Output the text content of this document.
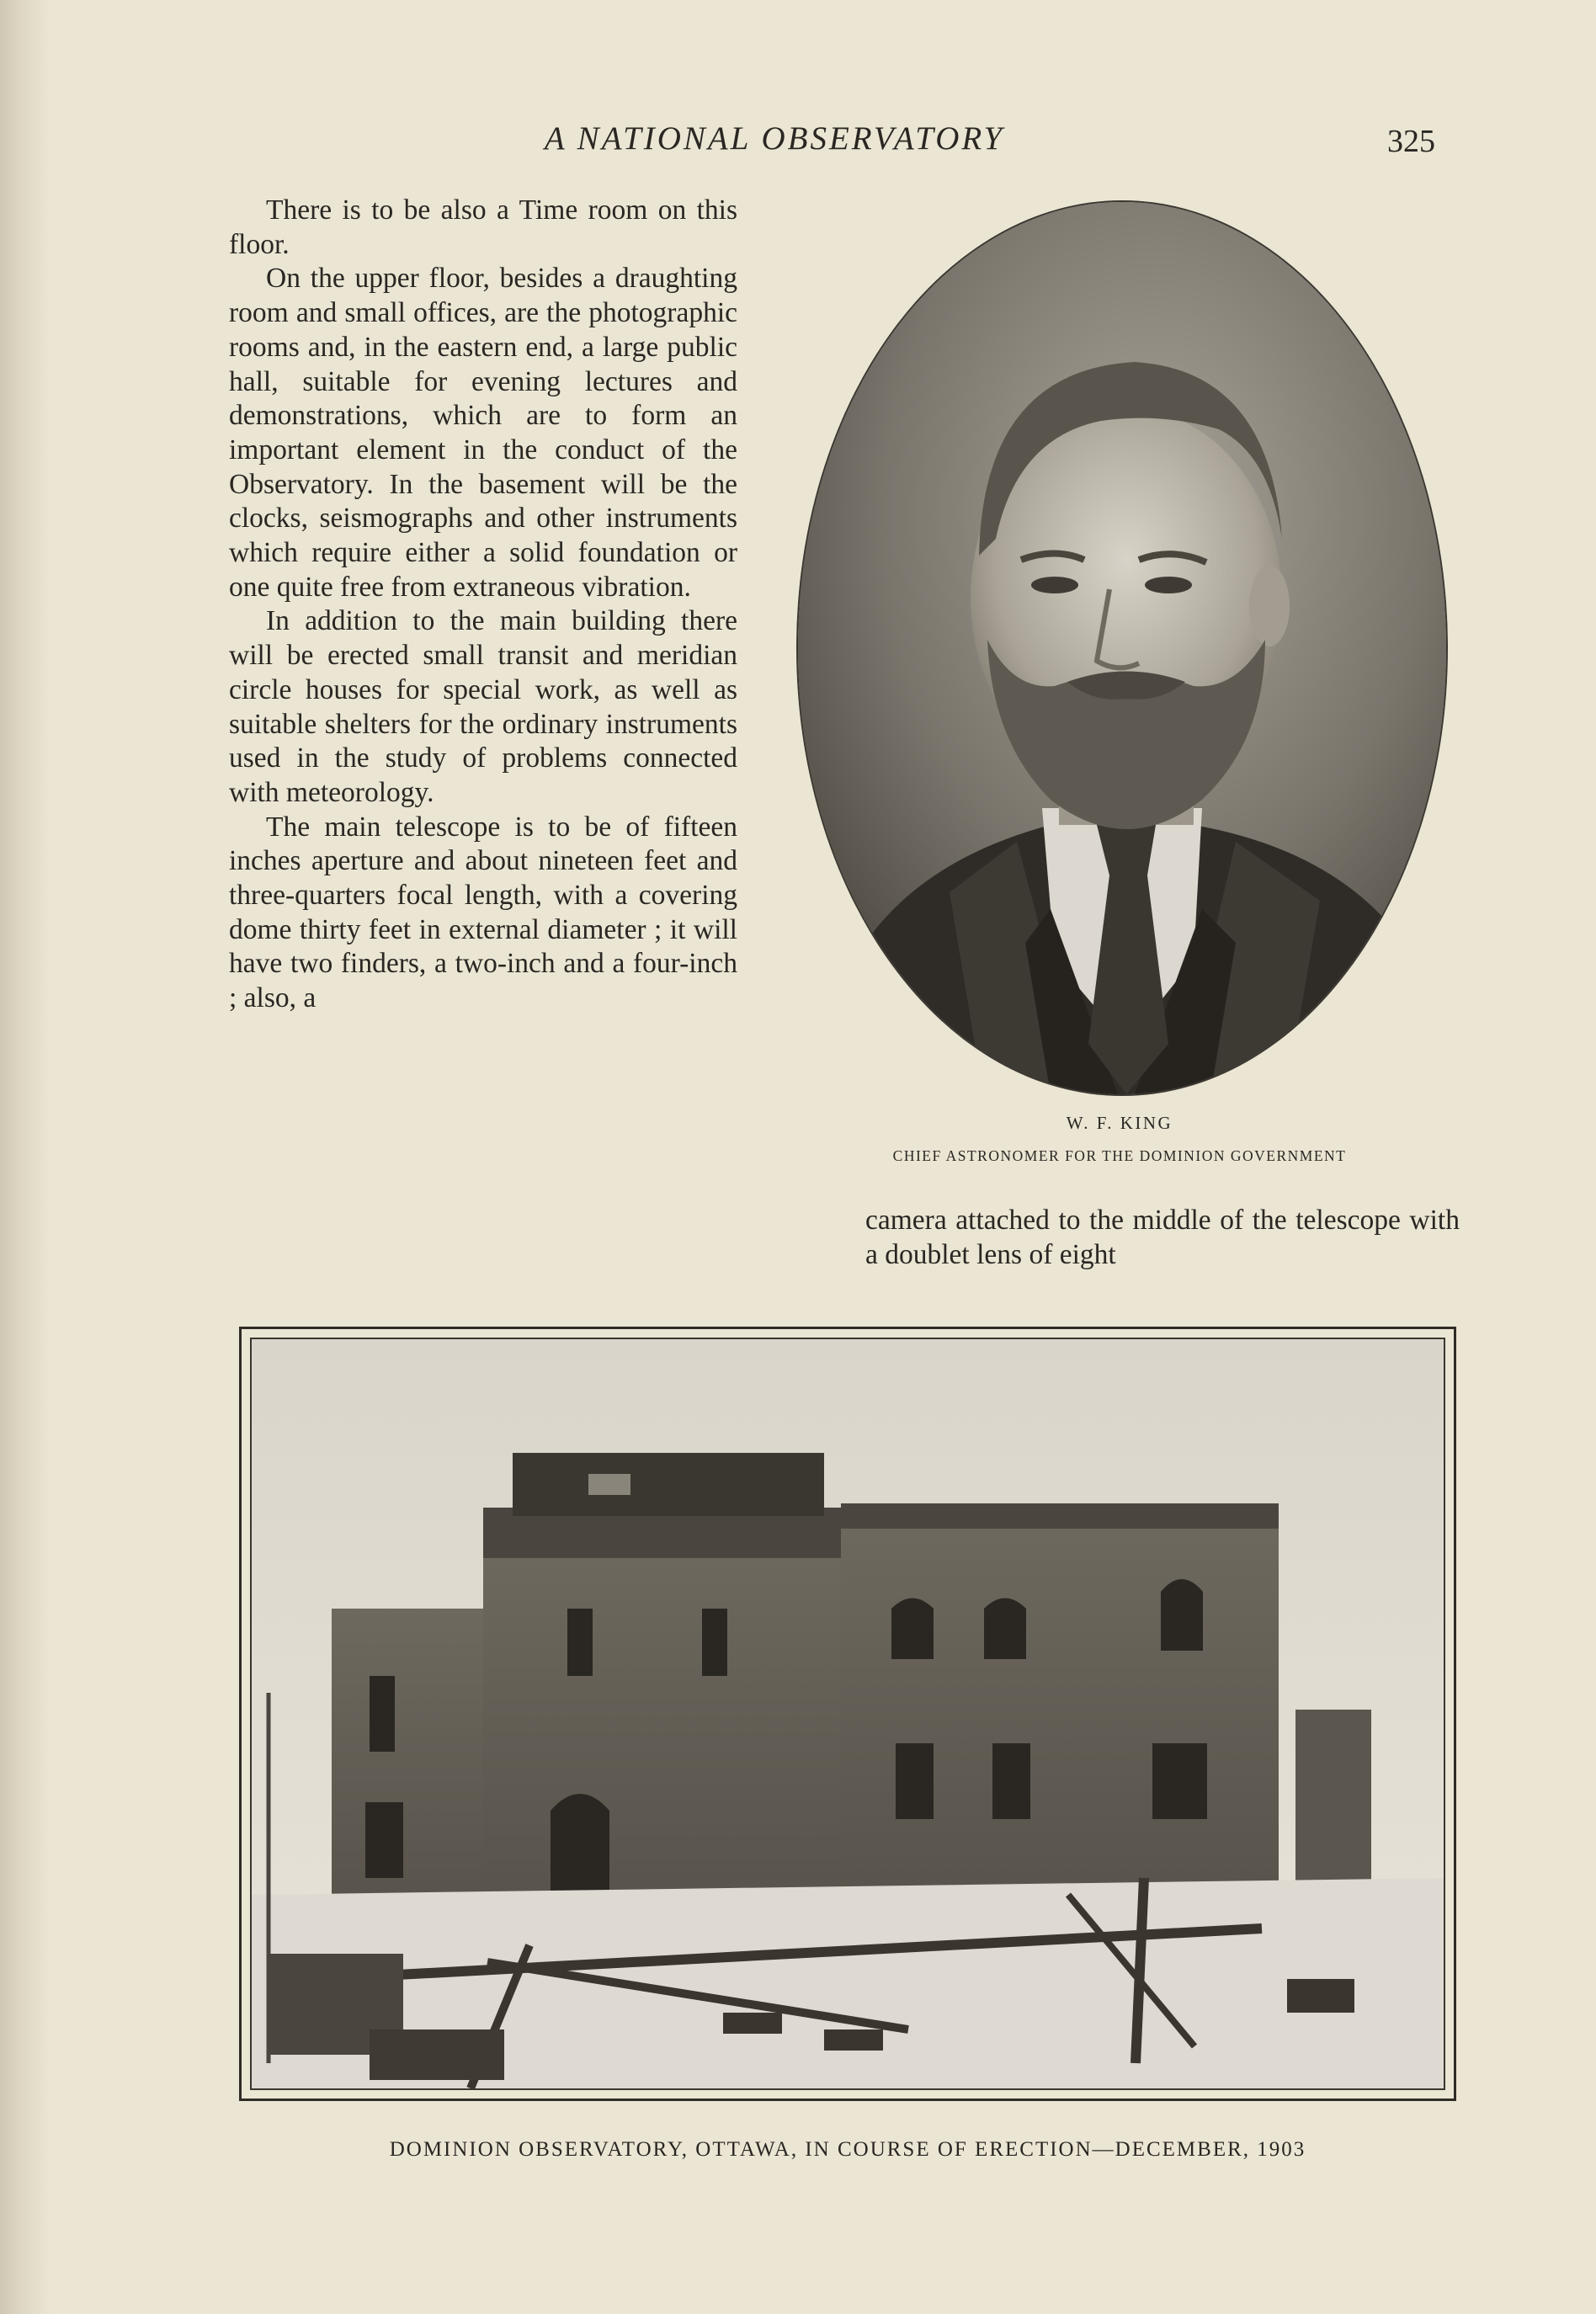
A NATIONAL OBSERVATORY	325

There is to be also a Time room on this floor.

On the upper floor, besides a draughting room and small offices, are the photographic rooms and, in the eastern end, a large public hall, suitable for evening lectures and demonstrations, which are to form an important element in the conduct of the Observatory. In the basement will be the clocks, seismographs and other instruments which require either a solid foundation or one quite free from extraneous vibration.

In addition to the main building there will be erected small transit and meridian circle houses for special work, as well as suitable shelters for the ordinary instruments used in the study of problems connected with meteorology.

The main telescope is to be of fifteen inches aperture and about nineteen feet and three-quarters focal length, with a covering dome thirty feet in external diameter ; it will have two finders, a two-inch and a four-inch ; also, a

W. F. KING
CHIEF ASTRONOMER FOR THE DOMINION GOVERNMENT

camera attached to the middle of the telescope with a doublet lens of eight

DOMINION OBSERVATORY, OTTAWA, IN COURSE OF ERECTION—DECEMBER, 1903
